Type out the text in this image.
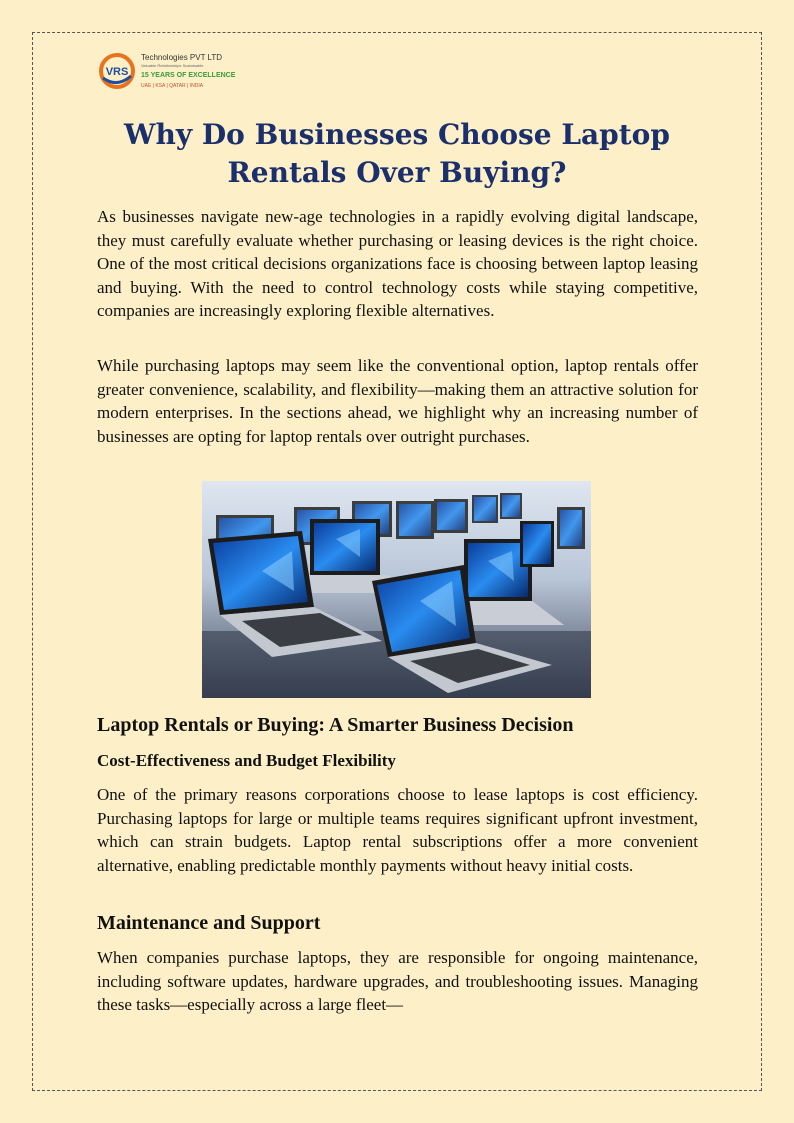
VRS
Technologies PVT LTD
Valuable Relationships Sustainable
15 YEARS OF EXCELLENCE
UAE | KSA | QATAR | INDIA
Why Do Businesses Choose Laptop Rentals Over Buying?

As businesses navigate new-age technologies in a rapidly evolving digital landscape, they must carefully evaluate whether purchasing or leasing devices is the right choice. One of the most critical decisions organizations face is choosing between laptop leasing and buying. With the need to control technology costs while staying competitive, companies are increasingly exploring flexible alternatives.

While purchasing laptops may seem like the conventional option, laptop rentals offer greater convenience, scalability, and flexibility—making them an attractive solution for modern enterprises. In the sections ahead, we highlight why an increasing number of businesses are opting for laptop rentals over outright purchases.

Laptop Rentals or Buying: A Smarter Business Decision
Cost-Effectiveness and Budget Flexibility

One of the primary reasons corporations choose to lease laptops is cost efficiency. Purchasing laptops for large or multiple teams requires significant upfront investment, which can strain budgets. Laptop rental subscriptions offer a more convenient alternative, enabling predictable monthly payments without heavy initial costs.

Maintenance and Support

When companies purchase laptops, they are responsible for ongoing maintenance, including software updates, hardware upgrades, and troubleshooting issues. Managing these tasks—especially across a large fleet—
